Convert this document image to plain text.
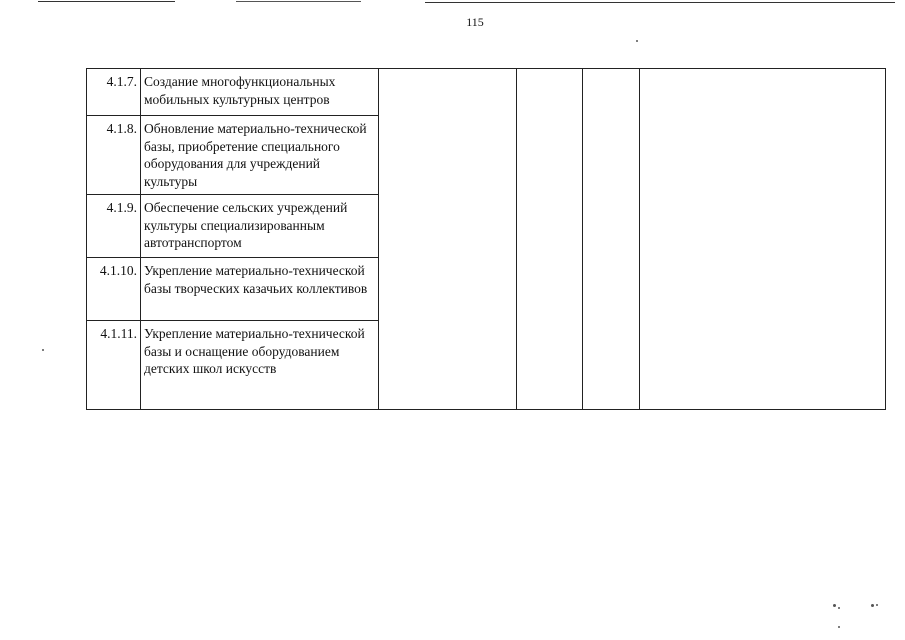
115
4.1.7.	Создание многофункциональных мобильных культурных центров				
4.1.8.	Обновление материально-технической базы, приобретение специального оборудования для учреждений культуры				
4.1.9.	Обеспечение сельских учреждений культуры специализированным автотранспортом				
4.1.10.	Укрепление материально-технической базы творческих казачьих коллективов				
4.1.11.	Укрепление материально-технической базы и оснащение оборудованием детских школ искусств				
